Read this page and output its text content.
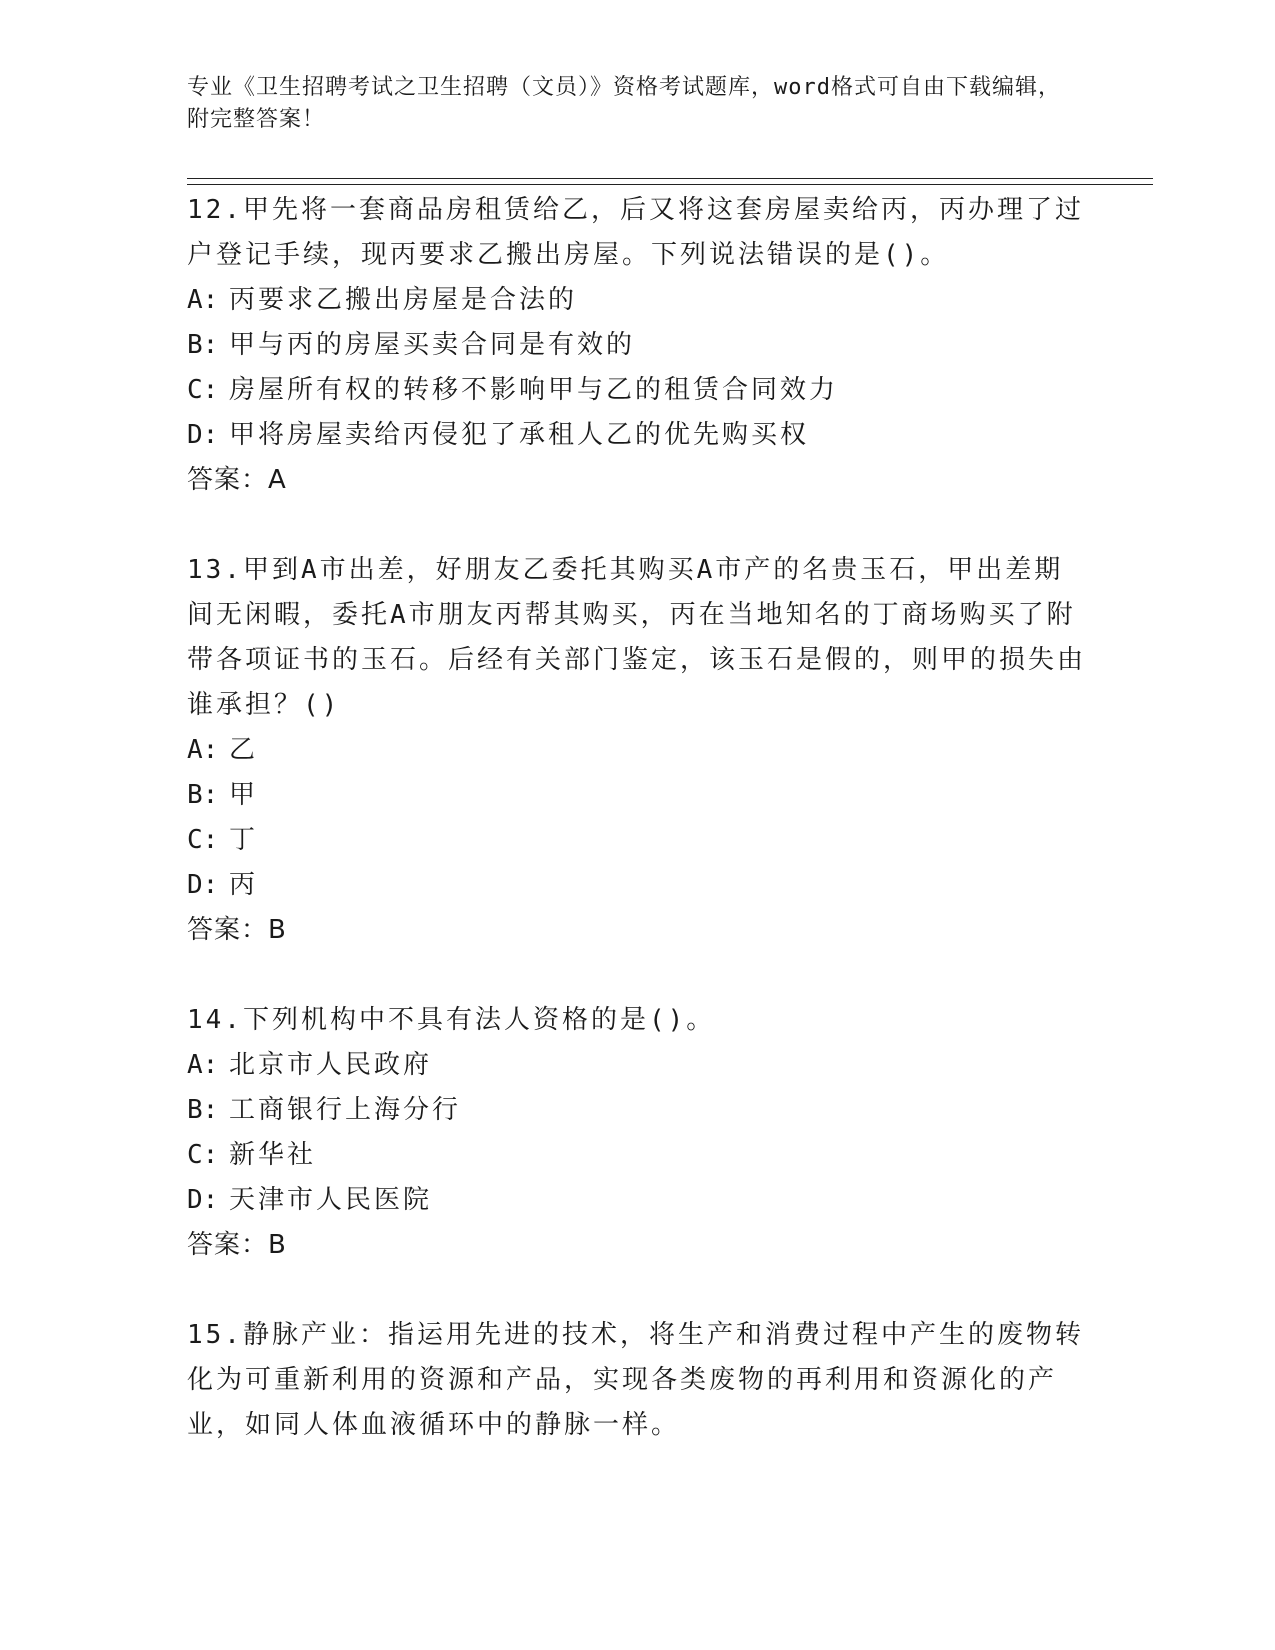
专业《卫生招聘考试之卫生招聘（文员）》资格考试题库，word格式可自由下载编辑，附完整答案！
12.甲先将一套商品房租赁给乙，后又将这套房屋卖给丙，丙办理了过户登记手续，现丙要求乙搬出房屋。下列说法错误的是()。
A: 丙要求乙搬出房屋是合法的
B: 甲与丙的房屋买卖合同是有效的
C: 房屋所有权的转移不影响甲与乙的租赁合同效力
D: 甲将房屋卖给丙侵犯了承租人乙的优先购买权
答案：A
13.甲到A市出差，好朋友乙委托其购买A市产的名贵玉石，甲出差期间无闲暇，委托A市朋友丙帮其购买，丙在当地知名的丁商场购买了附带各项证书的玉石。后经有关部门鉴定，该玉石是假的，则甲的损失由谁承担？()
A: 乙
B: 甲
C: 丁
D: 丙
答案：B
14.下列机构中不具有法人资格的是()。
A: 北京市人民政府
B: 工商银行上海分行
C: 新华社
D: 天津市人民医院
答案：B
15.静脉产业：指运用先进的技术，将生产和消费过程中产生的废物转化为可重新利用的资源和产品，实现各类废物的再利用和资源化的产业，如同人体血液循环中的静脉一样。
